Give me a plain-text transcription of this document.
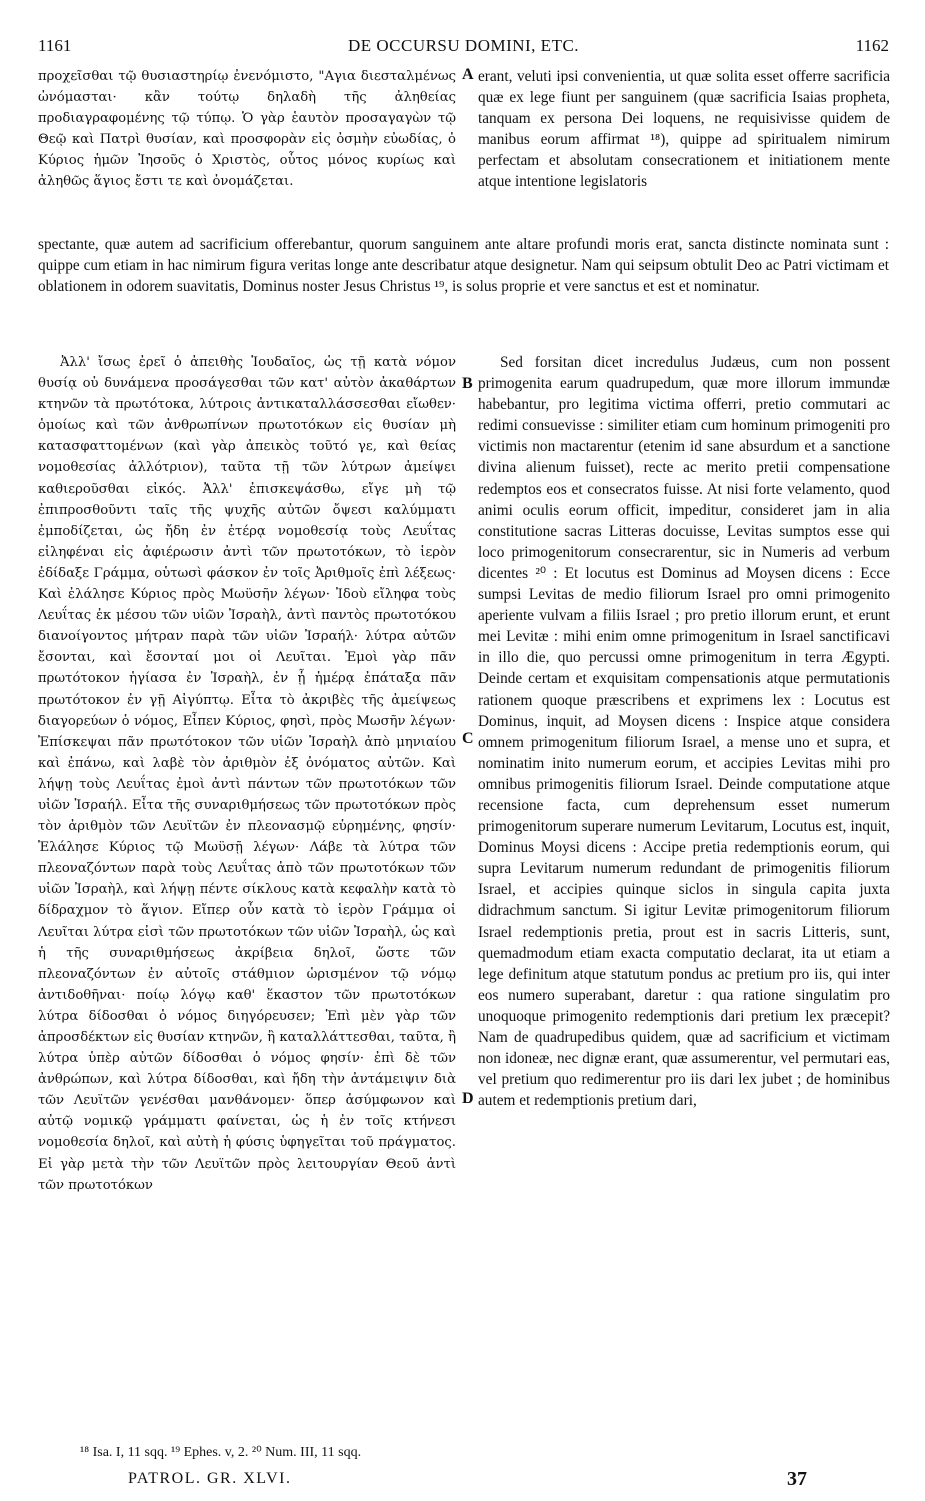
1161	DE OCCURSU DOMINI, ETC.	1162

προχεῖσθαι τῷ θυσιαστηρίῳ ἐνενόμιστο, "Αγια διεσταλμένως ὠνόμασται· κἂν τούτῳ δηλαδὴ τῆς ἀληθείας προδιαγραφομένης τῷ τύπῳ. Ὁ γὰρ ἑαυτὸν προσαγαγὼν τῷ Θεῷ καὶ Πατρὶ θυσίαν, καὶ προσφορὰν εἰς ὀσμὴν εὐωδίας, ὁ Κύριος ἡμῶν Ἰησοῦς ὁ Χριστὸς, οὗτος μόνος κυρίως καὶ ἀληθῶς ἅγιος ἔστι τε καὶ ὀνομάζεται.

erant, veluti ipsi convenientia, ut quæ solita esset offerre sacrificia quæ ex lege fiunt per sanguinem (quæ sacrificia Isaias propheta, tanquam ex persona Dei loquens, ne requisivisse quidem de manibus eorum affirmat ¹⁸), quippe ad spiritualem nimirum perfectam et absolutam consecrationem et initiationem mente atque intentione legislatoris

spectante, quæ autem ad sacrificium offerebantur, quorum sanguinem ante altare profundi moris erat, sancta distincte nominata sunt : quippe cum etiam in hac nimirum figura veritas longe ante describatur atque designetur. Nam qui seipsum obtulit Deo ac Patri victimam et oblationem in odorem suavitatis, Dominus noster Jesus Christus ¹⁹, is solus proprie et vere sanctus et est et nominatur.

Ἀλλ' ἴσως ἐρεῖ ὁ ἀπειθὴς Ἰουδαῖος, ὡς τῇ κατὰ νόμον θυσίᾳ οὐ δυνάμενα προσάγεσθαι τῶν κατ' αὐτὸν ἀκαθάρτων κτηνῶν τὰ πρωτότοκα, λύτροις ἀντικαταλλάσσεσθαι εἴωθεν· ὁμοίως καὶ τῶν ἀνθρωπίνων πρωτοτόκων εἰς θυσίαν μὴ κατασφαττομένων (καὶ γὰρ ἀπεικὸς τοῦτό γε, καὶ θείας νομοθεσίας ἀλλότριον), ταῦτα τῇ τῶν λύτρων ἀμείψει καθιεροῦσθαι εἰκός. Ἀλλ' ἐπισκεψάσθω, εἴγε μὴ τῷ ἐπιπροσθοῦντι ταῖς τῆς ψυχῆς αὐτῶν ὄψεσι καλύμματι ἐμποδίζεται, ὡς ἤδη ἐν ἑτέρᾳ νομοθεσίᾳ τοὺς Λευΐτας εἰληφέναι εἰς ἀφιέρωσιν ἀντὶ τῶν πρωτοτόκων, τὸ ἱερὸν ἐδίδαξε Γράμμα, οὑτωσὶ φάσκον ἐν τοῖς Ἀριθμοῖς ἐπὶ λέξεως· Καὶ ἐλάλησε Κύριος πρὸς Μωϋσῆν λέγων· Ἰδοὺ εἴληφα τοὺς Λευΐτας ἐκ μέσου τῶν υἱῶν Ἰσραὴλ, ἀντὶ παντὸς πρωτοτόκου διανοίγοντος μήτραν παρὰ τῶν υἱῶν Ἰσραήλ· λύτρα αὐτῶν ἔσονται, καὶ ἔσονταί μοι οἱ Λευῖται. Ἐμοὶ γὰρ πᾶν πρωτότοκον ἡγίασα ἐν Ἰσραὴλ, ἐν ᾗ ἡμέρᾳ ἐπάταξα πᾶν πρωτότοκον ἐν γῇ Αἰγύπτῳ. Εἶτα τὸ ἀκριβὲς τῆς ἀμείψεως διαγορεύων ὁ νόμος, Εἶπεν Κύριος, φησὶ, πρὸς Μωσῆν λέγων· Ἐπίσκεψαι πᾶν πρωτότοκον τῶν υἱῶν Ἰσραὴλ ἀπὸ μηνιαίου καὶ ἐπάνω, καὶ λαβὲ τὸν ἀριθμὸν ἐξ ὀνόματος αὐτῶν. Καὶ λήψῃ τοὺς Λευΐτας ἐμοὶ ἀντὶ πάντων τῶν πρωτοτόκων τῶν υἱῶν Ἰσραήλ. Εἶτα τῆς συναριθμήσεως τῶν πρωτοτόκων πρὸς τὸν ἀριθμὸν τῶν Λευϊτῶν ἐν πλεονασμῷ εὑρημένης, φησίν· Ἐλάλησε Κύριος τῷ Μωϋσῇ λέγων· Λάβε τὰ λύτρα τῶν πλεοναζόντων παρὰ τοὺς Λευΐτας ἀπὸ τῶν πρωτοτόκων τῶν υἱῶν Ἰσραὴλ, καὶ λήψῃ πέντε σίκλους κατὰ κεφαλὴν κατὰ τὸ δίδραχμον τὸ ἅγιον. Εἴπερ οὖν κατὰ τὸ ἱερὸν Γράμμα οἱ Λευῖται λύτρα εἰσὶ τῶν πρωτοτόκων τῶν υἱῶν Ἰσραὴλ, ὡς καὶ ἡ τῆς συναριθμήσεως ἀκρίβεια δηλοῖ, ὥστε τῶν πλεοναζόντων ἐν αὐτοῖς στάθμιον ὡρισμένον τῷ νόμῳ ἀντιδοθῆναι· ποίῳ λόγῳ καθ' ἕκαστον τῶν πρωτοτόκων λύτρα δίδοσθαι ὁ νόμος διηγόρευσεν; Ἐπὶ μὲν γὰρ τῶν ἀπροσδέκτων εἰς θυσίαν κτηνῶν, ἢ καταλλάττεσθαι, ταῦτα, ἢ λύτρα ὑπὲρ αὐτῶν δίδοσθαι ὁ νόμος φησίν· ἐπὶ δὲ τῶν ἀνθρώπων, καὶ λύτρα δίδοσθαι, καὶ ἤδη τὴν ἀντάμειψιν διὰ τῶν Λευϊτῶν γενέσθαι μανθάνομεν· ὅπερ ἀσύμφωνον καὶ αὐτῷ νομικῷ γράμματι φαίνεται, ὡς ἡ ἐν τοῖς κτήνεσι νομοθεσία δηλοῖ, καὶ αὐτὴ ἡ φύσις ὑφηγεῖται τοῦ πράγματος. Εἰ γὰρ μετὰ τὴν τῶν Λευϊτῶν πρὸς λειτουργίαν Θεοῦ ἀντὶ τῶν πρωτοτόκων

Sed forsitan dicet incredulus Judæus, cum non possent primogenita earum quadrupedum, quæ more illorum immundæ habebantur, pro legitima victima offerri, pretio commutari ac redimi consuevisse : similiter etiam cum hominum primogeniti pro victimis non mactarentur (etenim id sane absurdum et a sanctione divina alienum fuisset), recte ac merito pretii compensatione redemptos eos et consecratos fuisse. At nisi forte velamento, quod animi oculis eorum officit, impeditur, consideret jam in alia constitutione sacras Litteras docuisse, Levitas sumptos esse qui loco primogenitorum consecrarentur, sic in Numeris ad verbum dicentes ²⁰ : Et locutus est Dominus ad Moysen dicens : Ecce sumpsi Levitas de medio filiorum Israel pro omni primogenito aperiente vulvam a filiis Israel ; pro pretio illorum erunt, et erunt mei Levitæ : mihi enim omne primogenitum in Israel sanctificavi in illo die, quo percussi omne primogenitum in terra Ægypti. Deinde certam et exquisitam compensationis atque permutationis rationem quoque præscribens et exprimens lex : Locutus est Dominus, inquit, ad Moysen dicens : Inspice atque considera omnem primogenitum filiorum Israel, a mense uno et supra, et nominatim inito numerum eorum, et accipies Levitas mihi pro omnibus primogenitis filiorum Israel. Deinde computatione atque recensione facta, cum deprehensum esset numerum primogenitorum superare numerum Levitarum, Locutus est, inquit, Dominus Moysi dicens : Accipe pretia redemptionis eorum, qui supra Levitarum numerum redundant de primogenitis filiorum Israel, et accipies quinque siclos in singula capita juxta didrachmum sanctum. Si igitur Levitæ primogenitorum filiorum Israel redemptionis pretia, prout est in sacris Litteris, sunt, quemadmodum etiam exacta computatio declarat, ita ut etiam a lege definitum atque statutum pondus ac pretium pro iis, qui inter eos numero superabant, daretur : qua ratione singulatim pro unoquoque primogenito redemptionis dari pretium lex præcepit? Nam de quadrupedibus quidem, quæ ad sacrificium et victimam non idoneæ, nec dignæ erant, quæ assumerentur, vel permutari eas, vel pretium quo redimerentur pro iis dari lex jubet ; de hominibus autem et redemptionis pretium dari,

A
B
C
D
¹⁸ Isa. I, 11 sqq. ¹⁹ Ephes. v, 2. ²⁰ Num. III, 11 sqq.
PATROL. GR. XLVI.	37
